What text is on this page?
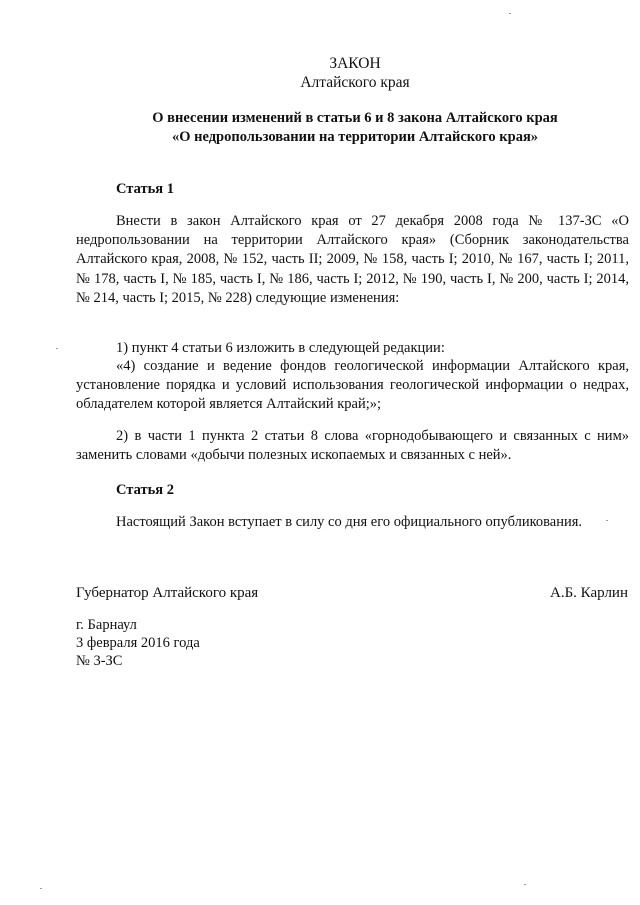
ЗАКОН
Алтайского края
О внесении изменений в статьи 6 и 8 закона Алтайского края
«О недропользовании на территории Алтайского края»
Статья 1
Внести в закон Алтайского края от 27 декабря 2008 года № 137-ЗС «О недропользовании на территории Алтайского края» (Сборник законодательства Алтайского края, 2008, № 152, часть II; 2009, № 158, часть I; 2010, № 167, часть I; 2011, № 178, часть I, № 185, часть I, № 186, часть I; 2012, № 190, часть I, № 200, часть I; 2014, № 214, часть I; 2015, № 228) следующие изменения:
1) пункт 4 статьи 6 изложить в следующей редакции:
«4) создание и ведение фондов геологической информации Алтайского края, установление порядка и условий использования геологической информации о недрах, обладателем которой является Алтайский край;»;
2) в части 1 пункта 2 статьи 8 слова «горнодобывающего и связанных с ним» заменить словами «добычи полезных ископаемых и связанных с ней».
Статья 2
Настоящий Закон вступает в силу со дня его официального опубликования.
Губернатор Алтайского края	А.Б. Карлин
г. Барнаул
3 февраля 2016 года
№ 3-ЗС
